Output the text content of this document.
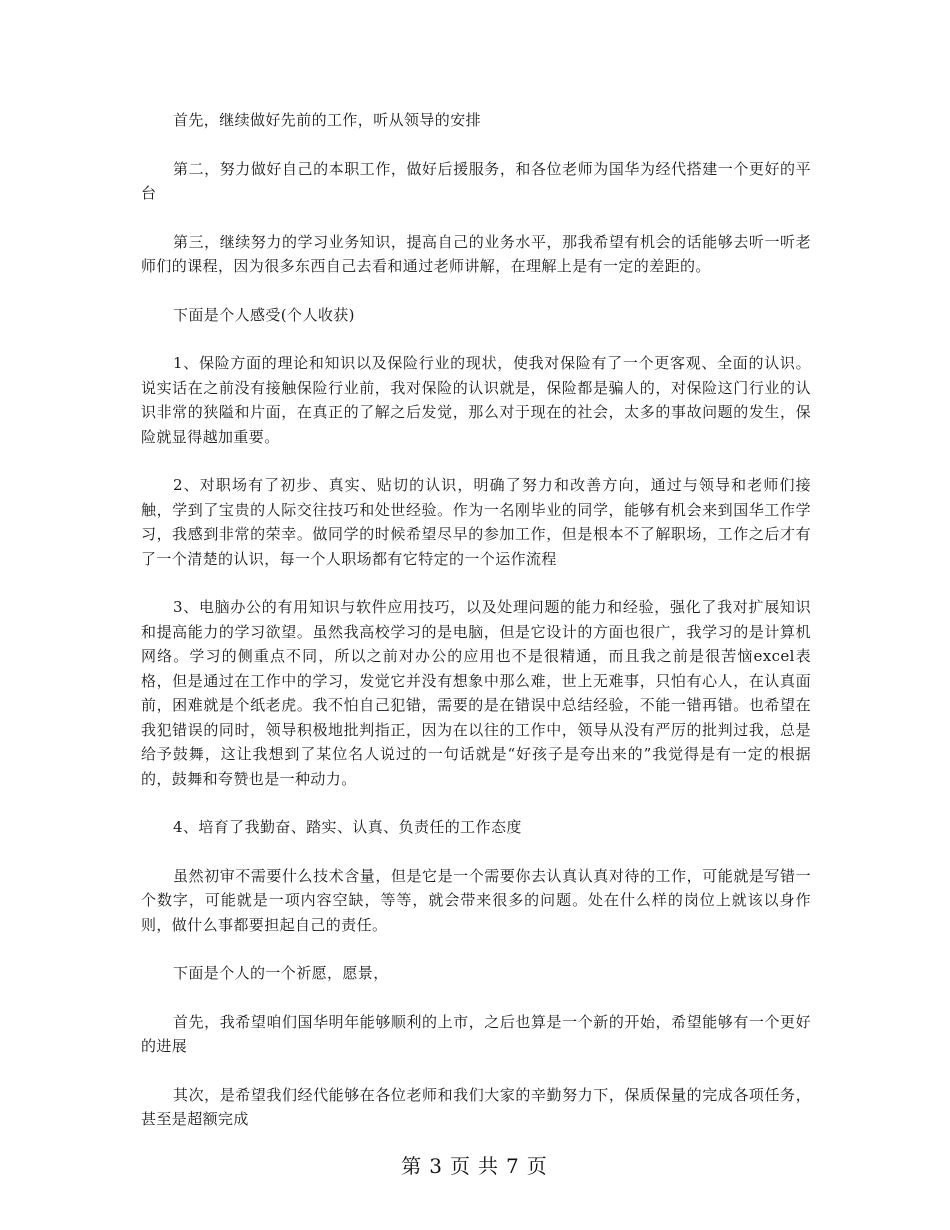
首先，继续做好先前的工作，听从领导的安排

第二，努力做好自己的本职工作，做好后援服务，和各位老师为国华为经代搭建一个更好的平台

第三，继续努力的学习业务知识，提高自己的业务水平，那我希望有机会的话能够去听一听老师们的课程，因为很多东西自己去看和通过老师讲解，在理解上是有一定的差距的。

下面是个人感受(个人收获)

1、保险方面的理论和知识以及保险行业的现状，使我对保险有了一个更客观、全面的认识。说实话在之前没有接触保险行业前，我对保险的认识就是，保险都是骗人的，对保险这门行业的认识非常的狭隘和片面，在真正的了解之后发觉，那么对于现在的社会，太多的事故问题的发生，保险就显得越加重要。

2、对职场有了初步、真实、贴切的认识，明确了努力和改善方向，通过与领导和老师们接触，学到了宝贵的人际交往技巧和处世经验。作为一名刚毕业的同学，能够有机会来到国华工作学习，我感到非常的荣幸。做同学的时候希望尽早的参加工作，但是根本不了解职场，工作之后才有了一个清楚的认识，每一个人职场都有它特定的一个运作流程

3、电脑办公的有用知识与软件应用技巧，以及处理问题的能力和经验，强化了我对扩展知识和提高能力的学习欲望。虽然我高校学习的是电脑，但是它设计的方面也很广，我学习的是计算机网络。学习的侧重点不同，所以之前对办公的应用也不是很精通，而且我之前是很苦恼excel表格，但是通过在工作中的学习，发觉它并没有想象中那么难，世上无难事，只怕有心人，在认真面前，困难就是个纸老虎。我不怕自己犯错，需要的是在错误中总结经验，不能一错再错。也希望在我犯错误的同时，领导积极地批判指正，因为在以往的工作中，领导从没有严厉的批判过我，总是给予鼓舞，这让我想到了某位名人说过的一句话就是“好孩子是夸出来的”我觉得是有一定的根据的，鼓舞和夸赞也是一种动力。

4、培育了我勤奋、踏实、认真、负责任的工作态度

虽然初审不需要什么技术含量，但是它是一个需要你去认真认真对待的工作，可能就是写错一个数字，可能就是一项内容空缺，等等，就会带来很多的问题。处在什么样的岗位上就该以身作则，做什么事都要担起自己的责任。

下面是个人的一个祈愿，愿景，

首先，我希望咱们国华明年能够顺利的上市，之后也算是一个新的开始，希望能够有一个更好的进展

其次，是希望我们经代能够在各位老师和我们大家的辛勤努力下，保质保量的完成各项任务，甚至是超额完成

第 3 页 共 7 页
